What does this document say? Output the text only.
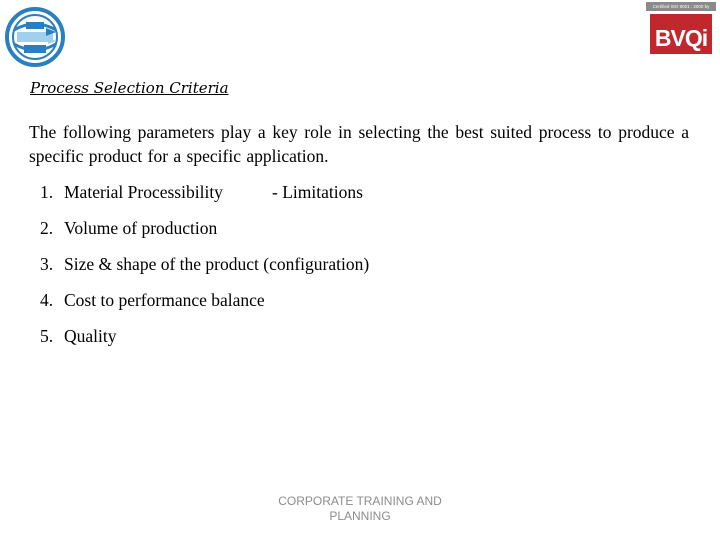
Certified ISO 9001 : 2000 by
BVQi
Process Selection Criteria
The following parameters play a key role in selecting the best suited process to produce a specific product for a specific application.
1. Material Processibility	- Limitations
2. Volume of production
3. Size & shape of the product (configuration)
4. Cost to performance balance
5. Quality
CORPORATE TRAINING AND
PLANNING
